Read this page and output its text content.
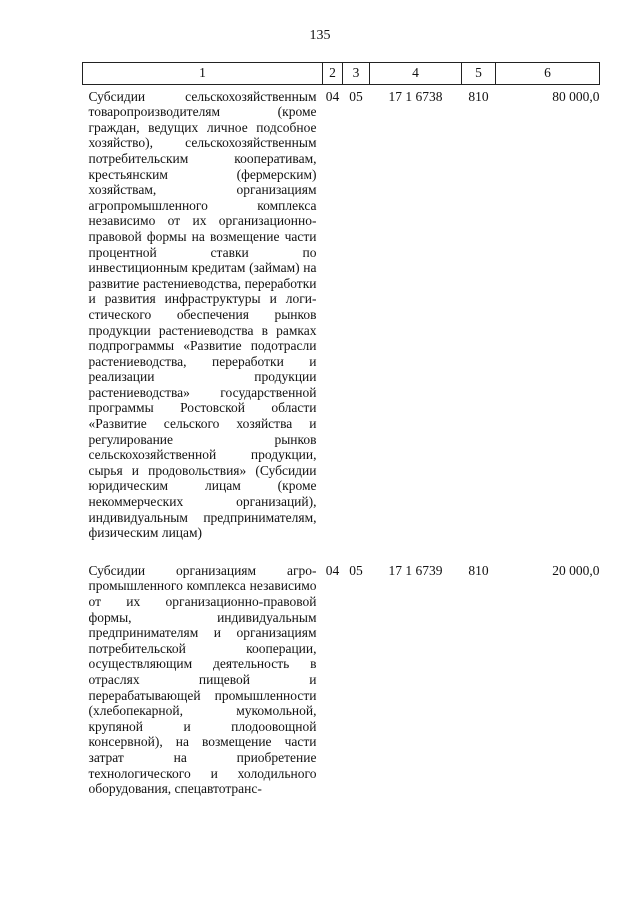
135
1	2	3	4	5	6
Субсидии сельскохозяйственным товаропроизводителям (кроме граждан, ведущих личное подсобное хозяйство), сельскохозяйственным потребительским кооперативам, крестьянским (фермерским) хозяйствам, организациям агропромышленного комплекса независимо от их организационно-правовой формы на возмещение части процентной ставки по инвестиционным кредитам (займам) на развитие растениеводства, переработки и развития инфраструктуры и логистического обеспечения рынков продукции растениеводства в рамках подпрограммы «Развитие подотрасли растениеводства, переработки и реализации продукции растениеводства» государственной программы Ростовской области «Развитие сельского хозяйства и регулирование рынков сельскохозяйственной продукции, сырья и продовольствия» (Субсидии юридическим лицам (кроме некоммерческих организаций), индивидуальным предпринимателям, физическим лицам)	04	05	17 1 6738	810	80 000,0
Субсидии организациям агропромышленного комплекса независимо от их организационно-правовой формы, индивидуальным предпринимателям и организациям потребительской кооперации, осуществляющим деятельность в отраслях пищевой и перерабатывающей промышленности (хлебопекарной, мукомольной, крупяной и плодоовощной консервной), на возмещение части затрат на приобретение технологического и холодильного оборудования, спецавтотранс-	04	05	17 1 6739	810	20 000,0
